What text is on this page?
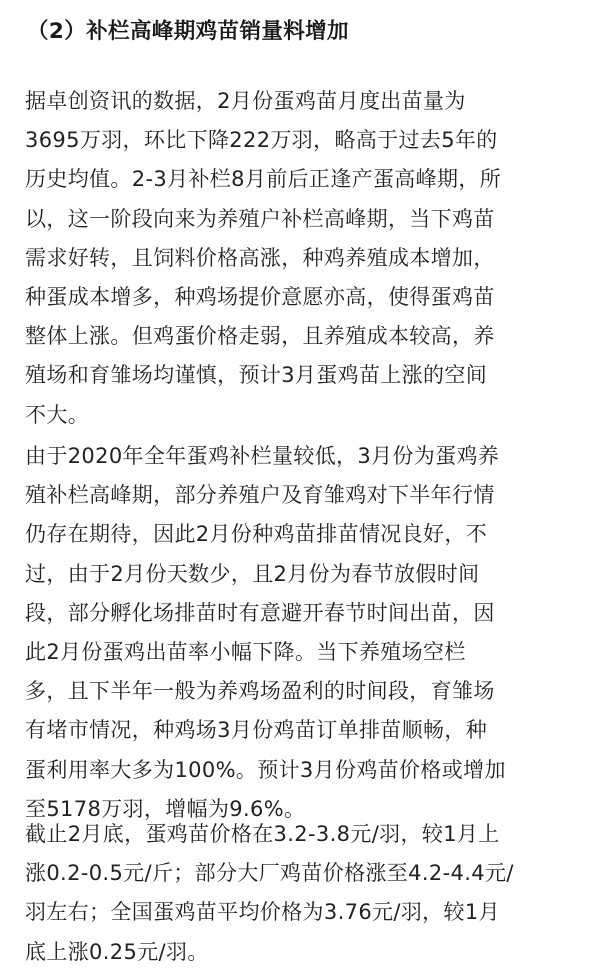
（2）补栏高峰期鸡苗销量料增加

据卓创资讯的数据，2月份蛋鸡苗月度出苗量为
3695万羽，环比下降222万羽，略高于过去5年的
历史均值。2-3月补栏8月前后正逢产蛋高峰期，所
以，这一阶段向来为养殖户补栏高峰期，当下鸡苗
需求好转，且饲料价格高涨，种鸡养殖成本增加，
种蛋成本增多，种鸡场提价意愿亦高，使得蛋鸡苗
整体上涨。但鸡蛋价格走弱，且养殖成本较高，养
殖场和育雏场均谨慎，预计3月蛋鸡苗上涨的空间
不大。

由于2020年全年蛋鸡补栏量较低，3月份为蛋鸡养
殖补栏高峰期，部分养殖户及育雏鸡对下半年行情
仍存在期待，因此2月份种鸡苗排苗情况良好，不
过，由于2月份天数少，且2月份为春节放假时间
段，部分孵化场排苗时有意避开春节时间出苗，因
此2月份蛋鸡出苗率小幅下降。当下养殖场空栏
多，且下半年一般为养鸡场盈利的时间段，育雏场
有堵市情况，种鸡场3月份鸡苗订单排苗顺畅，种
蛋利用率大多为100%。预计3月份鸡苗价格或增加
至5178万羽，增幅为9.6%。

截止2月底，蛋鸡苗价格在3.2-3.8元/羽，较1月上
涨0.2-0.5元/斤；部分大厂鸡苗价格涨至4.2-4.4元/
羽左右；全国蛋鸡苗平均价格为3.76元/羽，较1月
底上涨0.25元/羽。
